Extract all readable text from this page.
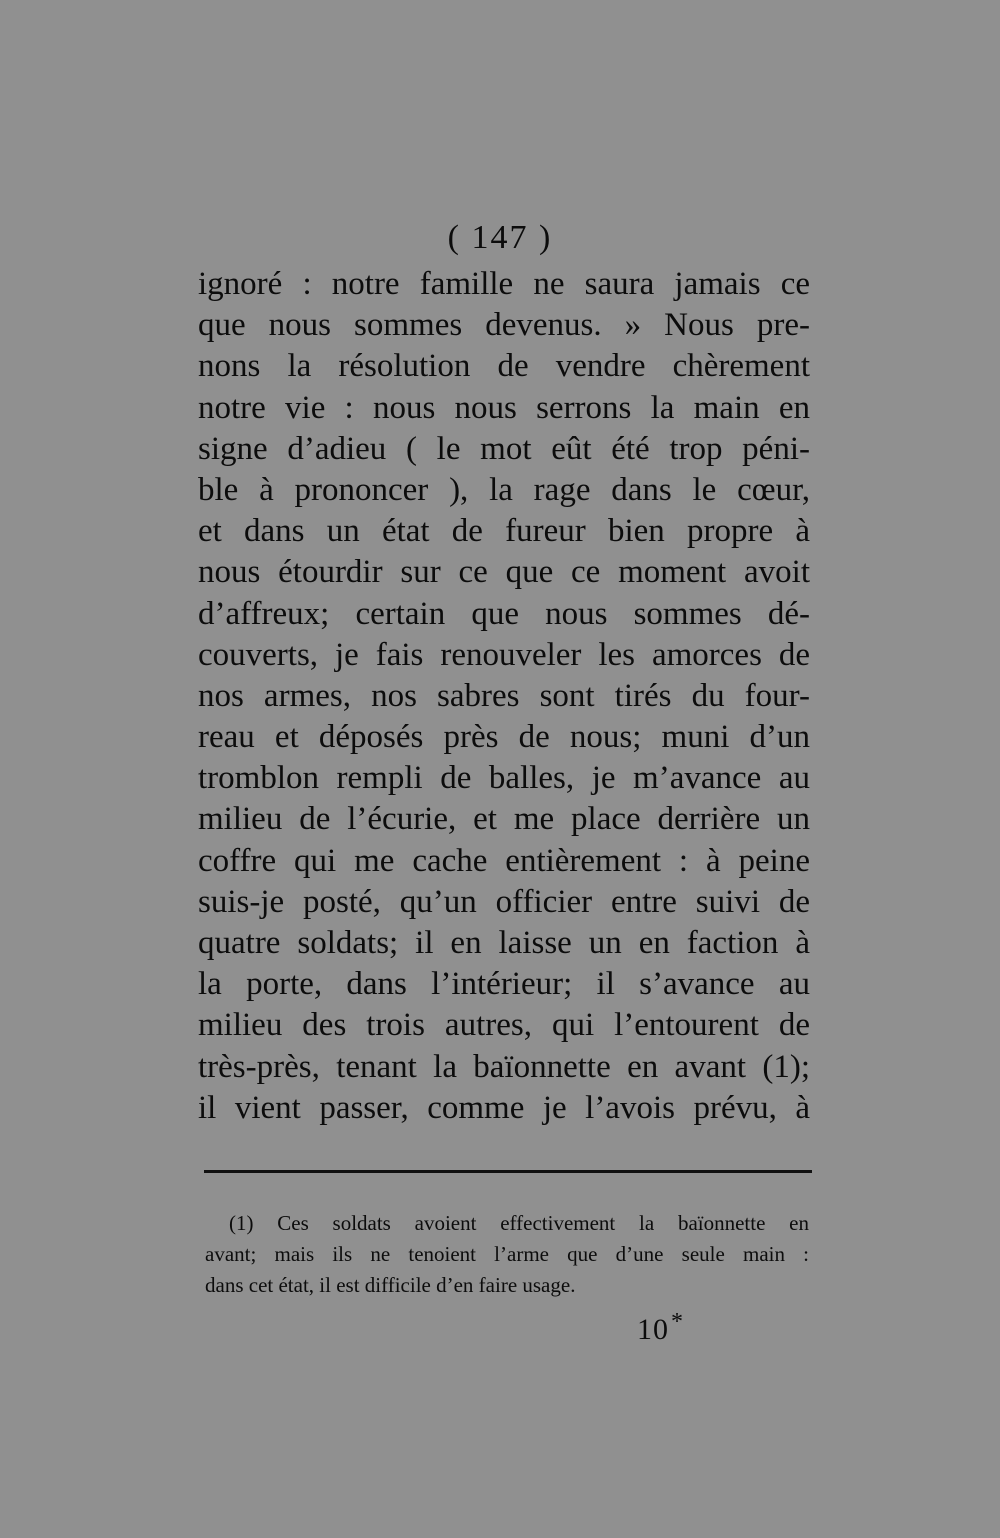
( 147 )
ignoré : notre famille ne saura jamais ce
que nous sommes devenus. » Nous pre-
nons la résolution de vendre chèrement
notre vie : nous nous serrons la main en
signe d’adieu ( le mot eût été trop péni-
ble à prononcer ), la rage dans le cœur,
et dans un état de fureur bien propre à
nous étourdir sur ce que ce moment avoit
d’affreux; certain que nous sommes dé-
couverts, je fais renouveler les amorces de
nos armes, nos sabres sont tirés du four-
reau et déposés près de nous; muni d’un
tromblon rempli de balles, je m’avance au
milieu de l’écurie, et me place derrière un
coffre qui me cache entièrement : à peine
suis-je posté, qu’un officier entre suivi de
quatre soldats; il en laisse un en faction à
la porte, dans l’intérieur; il s’avance au
milieu des trois autres, qui l’entourent de
très-près, tenant la baïonnette en avant (1);
il vient passer, comme je l’avois prévu, à
(1) Ces soldats avoient effectivement la baïonnette en
avant; mais ils ne tenoient l’arme que d’une seule main :
dans cet état, il est difficile d’en faire usage.
10*
